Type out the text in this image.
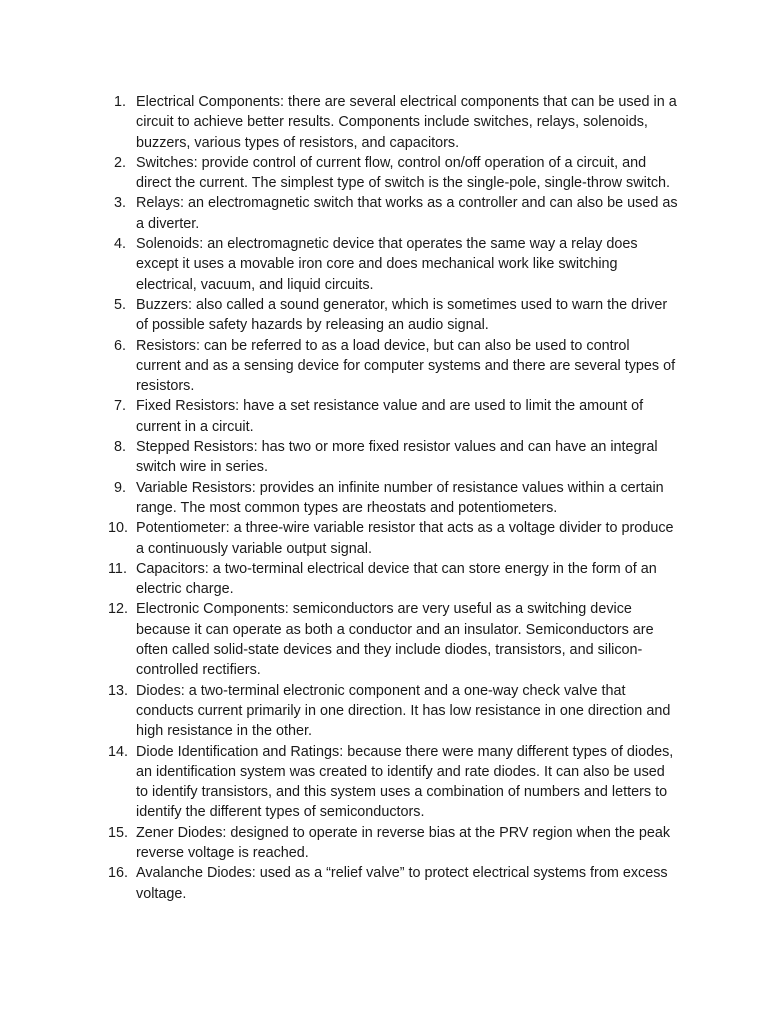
1. Electrical Components: there are several electrical components that can be used in a circuit to achieve better results. Components include switches, relays, solenoids, buzzers, various types of resistors, and capacitors.
2. Switches: provide control of current flow, control on/off operation of a circuit, and direct the current. The simplest type of switch is the single-pole, single-throw switch.
3. Relays: an electromagnetic switch that works as a controller and can also be used as a diverter.
4. Solenoids: an electromagnetic device that operates the same way a relay does except it uses a movable iron core and does mechanical work like switching electrical, vacuum, and liquid circuits.
5. Buzzers: also called a sound generator, which is sometimes used to warn the driver of possible safety hazards by releasing an audio signal.
6. Resistors: can be referred to as a load device, but can also be used to control current and as a sensing device for computer systems and there are several types of resistors.
7. Fixed Resistors: have a set resistance value and are used to limit the amount of current in a circuit.
8. Stepped Resistors: has two or more fixed resistor values and can have an integral switch wire in series.
9. Variable Resistors: provides an infinite number of resistance values within a certain range. The most common types are rheostats and potentiometers.
10. Potentiometer: a three-wire variable resistor that acts as a voltage divider to produce a continuously variable output signal.
11. Capacitors: a two-terminal electrical device that can store energy in the form of an electric charge.
12. Electronic Components: semiconductors are very useful as a switching device because it can operate as both a conductor and an insulator. Semiconductors are often called solid-state devices and they include diodes, transistors, and silicon-controlled rectifiers.
13. Diodes: a two-terminal electronic component and a one-way check valve that conducts current primarily in one direction. It has low resistance in one direction and high resistance in the other.
14. Diode Identification and Ratings: because there were many different types of diodes, an identification system was created to identify and rate diodes. It can also be used to identify transistors, and this system uses a combination of numbers and letters to identify the different types of semiconductors.
15. Zener Diodes: designed to operate in reverse bias at the PRV region when the peak reverse voltage is reached.
16. Avalanche Diodes: used as a “relief valve” to protect electrical systems from excess voltage.
